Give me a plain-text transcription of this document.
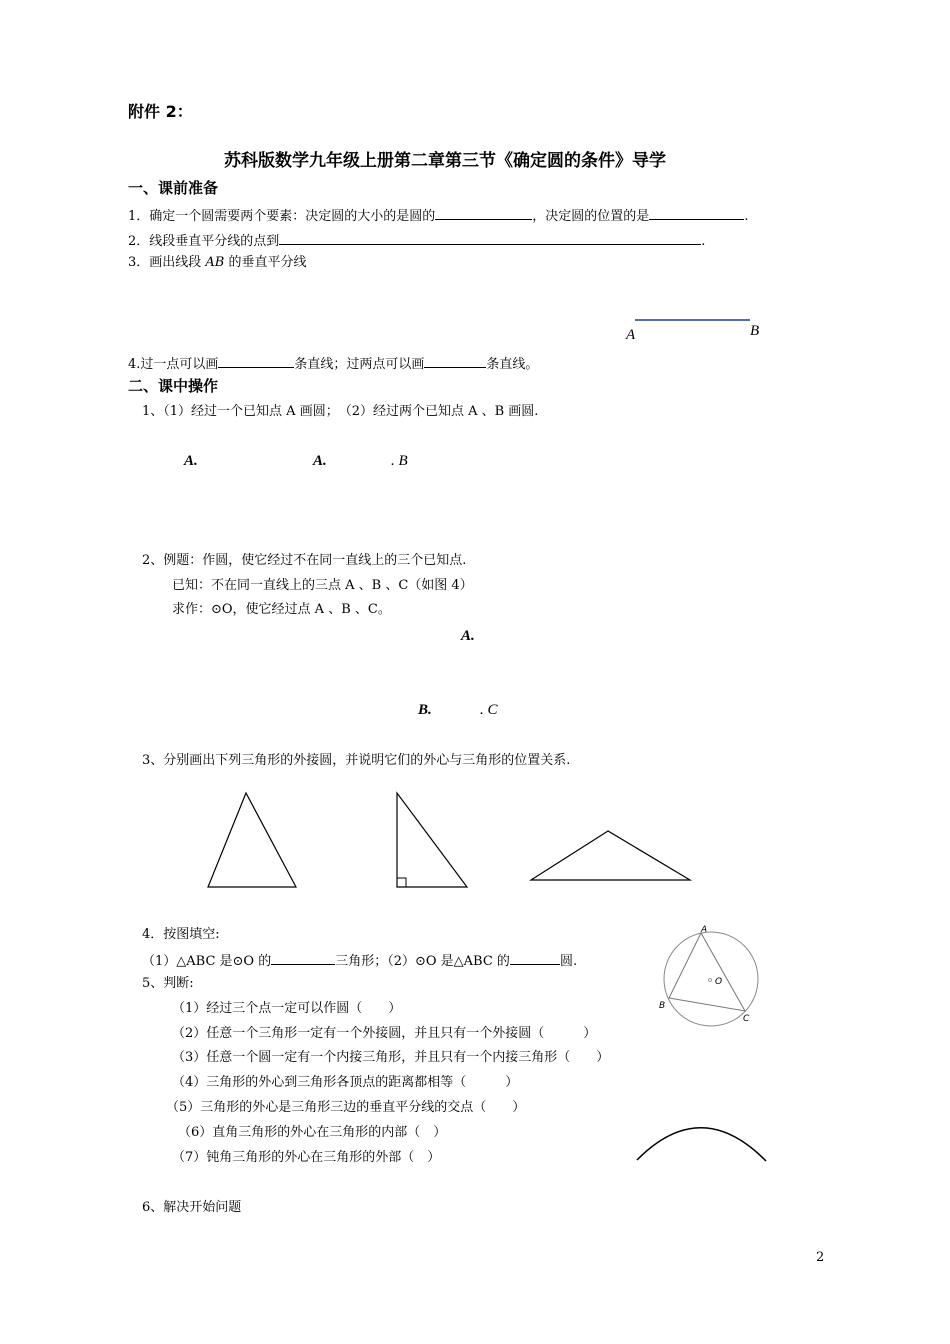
附件 2：
苏科版数学九年级上册第二章第三节《确定圆的条件》导学
一、课前准备
1．确定一个圆需要两个要素：决定圆的大小的是圆的	，决定圆的位置的是	.
2．线段垂直平分线的点到	.
3．画出线段 AB 的垂直平分线
A	B
4.过一点可以画	条直线；过两点可以画	条直线。
二、课中操作
1、（1）经过一个已知点 A 画圆；　（2）经过两个已知点 A 、B 画圆.
A.	A.	. B
2、例题：作圆，使它经过不在同一直线上的三个已知点.
已知：不在同一直线上的三点 A 、B 、C（如图 4）
求作：⊙O，使它经过点 A 、B 、C。
A.
B.	. C
3、分别画出下列三角形的外接圆，并说明它们的外心与三角形的位置关系.
4．按图填空:
（1）△ABC 是⊙O 的	三角形；（2）⊙O 是△ABC 的	圆.
5、判断:
（1）经过三个点一定可以作圆（　　）
（2）任意一个三角形一定有一个外接圆，并且只有一个外接圆（　　　）
（3）任意一个圆一定有一个内接三角形，并且只有一个内接三角形（　　）
（4）三角形的外心到三角形各顶点的距离都相等（　　　）
（5）三角形的外心是三角形三边的垂直平分线的交点（　　）
（6）直角三角形的外心在三角形的内部（　）
（7）钝角三角形的外心在三角形的外部（　）
6、解决开始问题
2
A
O
B
C
